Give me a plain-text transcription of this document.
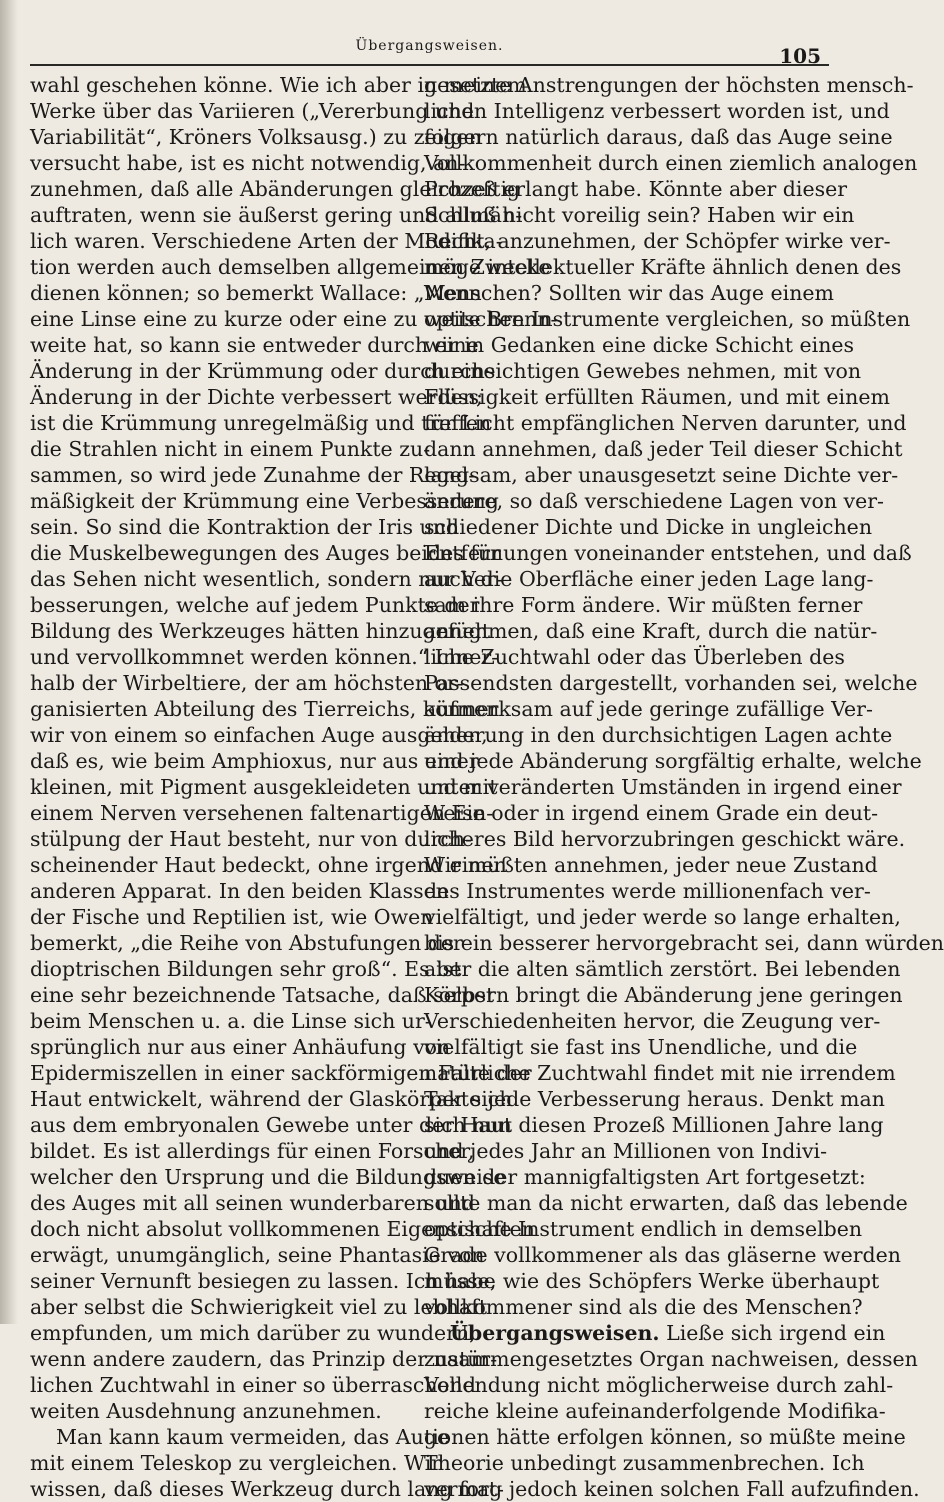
Übergangsweisen.	105
wahl geschehen könne. Wie ich aber in meinem
Werke über das Variieren („Vererbung und
Variabilität“, Kröners Volksausg.) zu zeigen
versucht habe, ist es nicht notwendig, an-
zunehmen, daß alle Abänderungen gleichzeitig
auftraten, wenn sie äußerst gering und allmäh-
lich waren. Verschiedene Arten der Modifika-
tion werden auch demselben allgemeinen Zwecke
dienen können; so bemerkt Wallace: „Wenn
eine Linse eine zu kurze oder eine zu weite Brenn-
weite hat, so kann sie entweder durch eine
Änderung in der Krümmung oder durch eine
Änderung in der Dichte verbessert werden;
ist die Krümmung unregelmäßig und treffen
die Strahlen nicht in einem Punkte zu-
sammen, so wird jede Zunahme der Regel-
mäßigkeit der Krümmung eine Verbesserung
sein. So sind die Kontraktion der Iris und
die Muskelbewegungen des Auges beides für
das Sehen nicht wesentlich, sondern nur Ver-
besserungen, welche auf jedem Punkte der
Bildung des Werkzeuges hätten hinzugefügt
und vervollkommnet werden können.“ Inner-
halb der Wirbeltiere, der am höchsten or-
ganisierten Abteilung des Tierreichs, können
wir von einem so einfachen Auge ausgehen,
daß es, wie beim Amphioxus, nur aus einer
kleinen, mit Pigment ausgekleideten und mit
einem Nerven versehenen faltenartigen Ein-
stülpung der Haut besteht, nur von durch-
scheinender Haut bedeckt, ohne irgend einen
anderen Apparat. In den beiden Klassen
der Fische und Reptilien ist, wie Owen
bemerkt, „die Reihe von Abstufungen der
dioptrischen Bildungen sehr groß“. Es ist
eine sehr bezeichnende Tatsache, daß selbst
beim Menschen u. a. die Linse sich ur-
sprünglich nur aus einer Anhäufung von
Epidermiszellen in einer sackförmigen Falte der
Haut entwickelt, während der Glaskörper sich
aus dem embryonalen Gewebe unter der Haut
bildet. Es ist allerdings für einen Forscher,
welcher den Ursprung und die Bildungsweise
des Auges mit all seinen wunderbaren und
doch nicht absolut vollkommenen Eigenschaften
erwägt, unumgänglich, seine Phantasie von
seiner Vernunft besiegen zu lassen. Ich habe
aber selbst die Schwierigkeit viel zu lebhaft
empfunden, um mich darüber zu wundern,
wenn andere zaudern, das Prinzip der natür-
lichen Zuchtwahl in einer so überraschend
weiten Ausdehnung anzunehmen.
Man kann kaum vermeiden, das Auge
mit einem Teleskop zu vergleichen. Wir
wissen, daß dieses Werkzeug durch lang fort-
gesetzte Anstrengungen der höchsten mensch-
lichen Intelligenz verbessert worden ist, und
folgern natürlich daraus, daß das Auge seine
Vollkommenheit durch einen ziemlich analogen
Prozeß erlangt habe. Könnte aber dieser
Schluß nicht voreilig sein? Haben wir ein
Recht, anzunehmen, der Schöpfer wirke ver-
möge intellektueller Kräfte ähnlich denen des
Menschen? Sollten wir das Auge einem
optischen Instrumente vergleichen, so müßten
wir in Gedanken eine dicke Schicht eines
durchsichtigen Gewebes nehmen, mit von
Flüssigkeit erfüllten Räumen, und mit einem
für Licht empfänglichen Nerven darunter, und
dann annehmen, daß jeder Teil dieser Schicht
langsam, aber unausgesetzt seine Dichte ver-
ändere, so daß verschiedene Lagen von ver-
schiedener Dichte und Dicke in ungleichen
Entfernungen voneinander entstehen, und daß
auch die Oberfläche einer jeden Lage lang-
sam ihre Form ändere. Wir müßten ferner
annehmen, daß eine Kraft, durch die natür-
liche Zuchtwahl oder das Überleben des
Passendsten dargestellt, vorhanden sei, welche
aufmerksam auf jede geringe zufällige Ver-
änderung in den durchsichtigen Lagen achte
und jede Abänderung sorgfältig erhalte, welche
unter veränderten Umständen in irgend einer
Weise oder in irgend einem Grade ein deut-
licheres Bild hervorzubringen geschickt wäre.
Wir müßten annehmen, jeder neue Zustand
des Instrumentes werde millionenfach ver-
vielfältigt, und jeder werde so lange erhalten,
bis ein besserer hervorgebracht sei, dann würden
aber die alten sämtlich zerstört. Bei lebenden
Körpern bringt die Abänderung jene geringen
Verschiedenheiten hervor, die Zeugung ver-
vielfältigt sie fast ins Unendliche, und die
natürliche Zuchtwahl findet mit nie irrendem
Takte jede Verbesserung heraus. Denkt man
sich nun diesen Prozeß Millionen Jahre lang
und jedes Jahr an Millionen von Indivi-
duen der mannigfaltigsten Art fortgesetzt:
sollte man da nicht erwarten, daß das lebende
optische Instrument endlich in demselben
Grade vollkommener als das gläserne werden
müsse, wie des Schöpfers Werke überhaupt
vollkommener sind als die des Menschen?
Übergangsweisen. Ließe sich irgend ein
zusammengesetztes Organ nachweisen, dessen
Vollendung nicht möglicherweise durch zahl-
reiche kleine aufeinanderfolgende Modifika-
tionen hätte erfolgen können, so müßte meine
Theorie unbedingt zusammenbrechen. Ich
vermag jedoch keinen solchen Fall aufzufinden.
